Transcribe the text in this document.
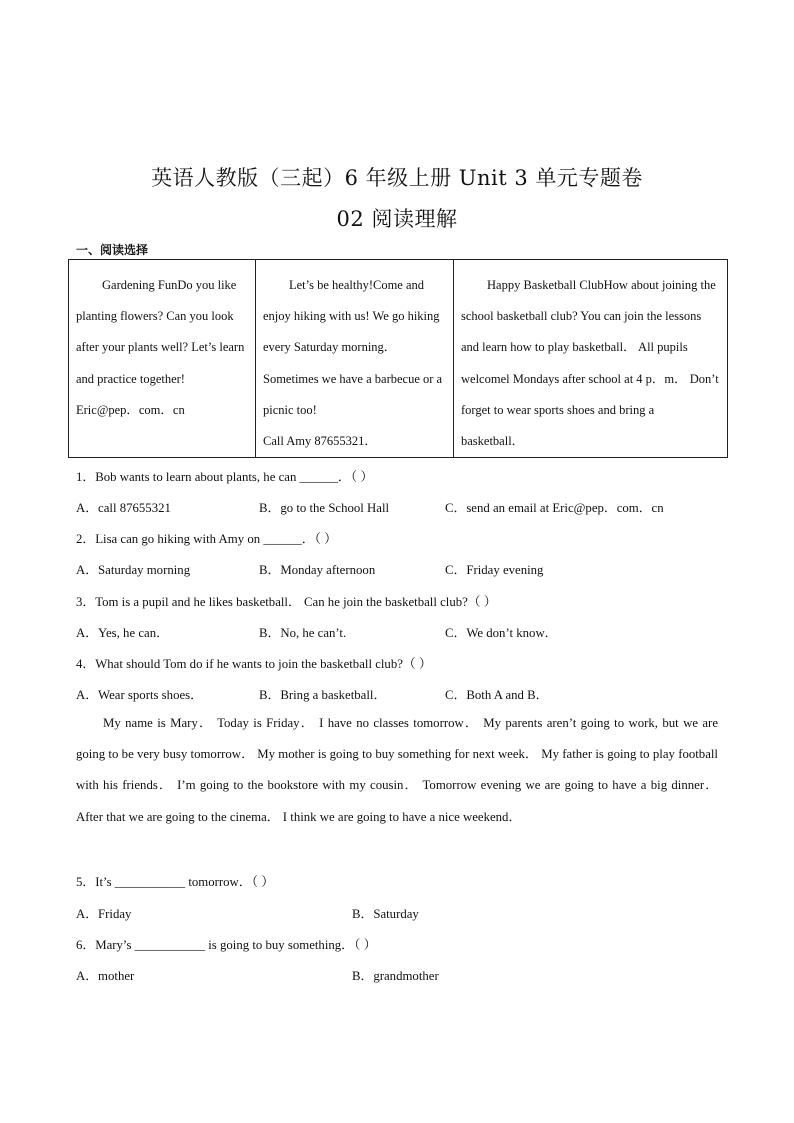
英语人教版（三起）6 年级上册 Unit 3 单元专题卷
02 阅读理解
一、阅读选择

Gardening FunDo you like planting flowers? Can you look after your plants well? Let’s learn and practice together!

Eric@pep．com．cn

Let’s be healthy!Come and enjoy hiking with us! We go hiking every Saturday morning． Sometimes we have a barbecue or a picnic too!

Call Amy 87655321．

Happy Basketball ClubHow about joining the school basketball club? You can join the lessons and learn how to play basketball． All pupils welcomel Mondays after school at 4 p．m． Don’t forget to wear sports shoes and bring a basketball．

1．Bob wants to learn about plants, he can ______．（ ）
A．call 87655321	B．go to the School Hall	C．send an email at Eric@pep．com．cn
2．Lisa can go hiking with Amy on ______．（ ）
A．Saturday morning	B．Monday afternoon	C．Friday evening
3．Tom is a pupil and he likes basketball． Can he join the basketball club?（ ）
A．Yes, he can．	B．No, he can’t.	C．We don’t know．
4．What should Tom do if he wants to join the basketball club?（ ）
A．Wear sports shoes．	B．Bring a basketball．	C．Both A and B．
My name is Mary． Today is Friday． I have no classes tomorrow． My parents aren’t going to work, but we are going to be very busy tomorrow． My mother is going to buy something for next week． My father is going to play football with his friends． I’m going to the bookstore with my cousin． Tomorrow evening we are going to have a big dinner． After that we are going to the cinema． I think we are going to have a nice weekend．
5．It’s ___________ tomorrow．（ ）
A．Friday	B．Saturday
6．Mary’s ___________ is going to buy something．（ ）
A．mother	B．grandmother
